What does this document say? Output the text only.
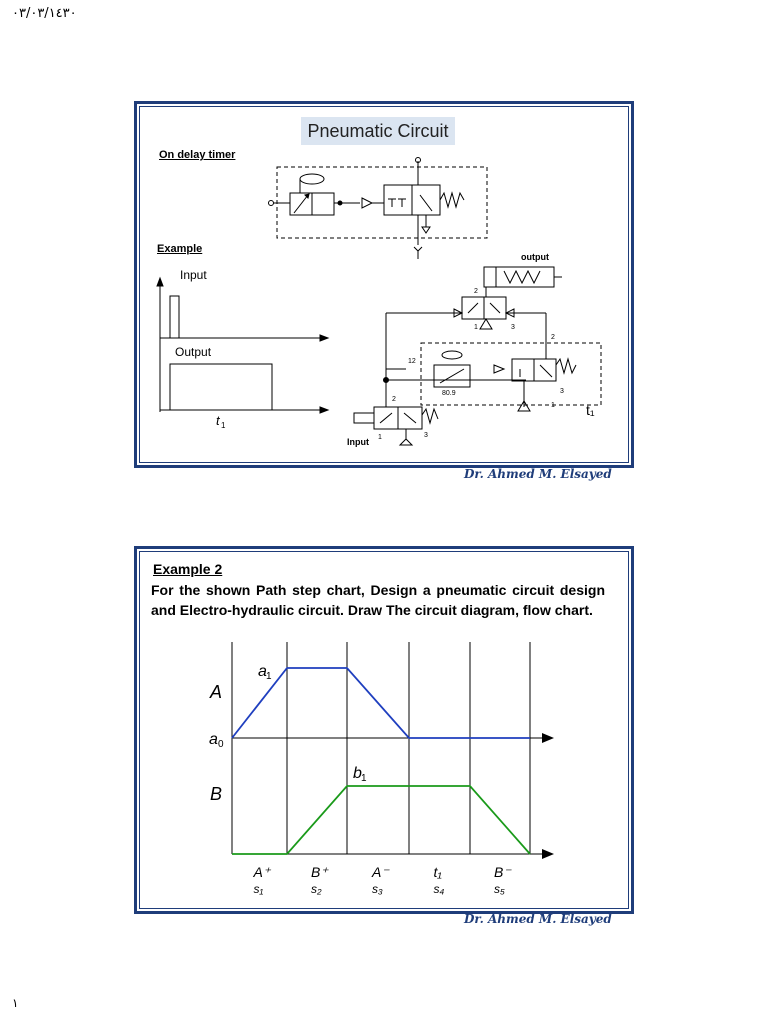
٠٣/٠٣/١٤٣٠
١
Pneumatic Circuit
On delay timer
Example
Input
Output
t 1
output
Input
t₁
12
80.9
2
1	3
2
3
1
2
1	3
Dr. Ahmed M. Elsayed
Example 2
For the shown Path step chart, Design a pneumatic circuit design and Electro-hydraulic circuit. Draw The circuit diagram, flow chart.
A
B
a 0
a 1
b 1
A⁺
s₁
B⁺
s₂
A⁻
s₃
t₁
s₄
B⁻
s₅
Dr. Ahmed M. Elsayed
